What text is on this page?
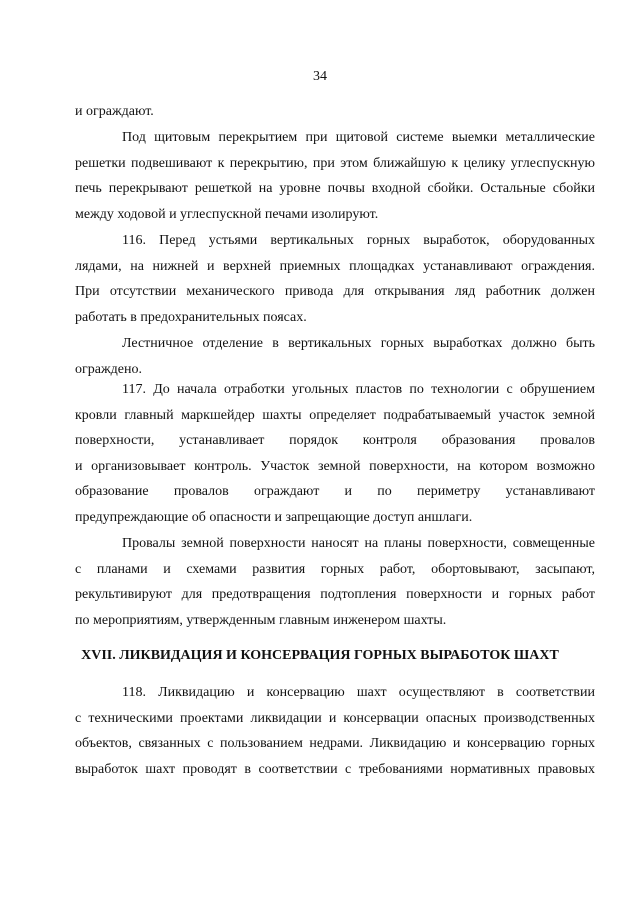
34
и ограждают.
Под щитовым перекрытием при щитовой системе выемки металлические
решетки подвешивают к перекрытию, при этом ближайшую к целику углеспускную
печь перекрывают решеткой на уровне почвы входной сбойки. Остальные сбойки
между ходовой и углеспускной печами изолируют.
116. Перед устьями вертикальных горных выработок, оборудованных
лядами, на нижней и верхней приемных площадках устанавливают ограждения.
При отсутствии механического привода для открывания ляд работник должен
работать в предохранительных поясах.
Лестничное отделение в вертикальных горных выработках должно быть
ограждено.
117. До начала отработки угольных пластов по технологии с обрушением
кровли главный маркшейдер шахты определяет подрабатываемый участок земной
поверхности, устанавливает порядок контроля образования провалов
и организовывает контроль. Участок земной поверхности, на котором возможно
образование провалов ограждают и по периметру устанавливают
предупреждающие об опасности и запрещающие доступ аншлаги.
Провалы земной поверхности наносят на планы поверхности, совмещенные
с планами и схемами развития горных работ, обортовывают, засыпают,
рекультивируют для предотвращения подтопления поверхности и горных работ
по мероприятиям, утвержденным главным инженером шахты.
XVII. ЛИКВИДАЦИЯ И КОНСЕРВАЦИЯ ГОРНЫХ ВЫРАБОТОК ШАХТ
118. Ликвидацию и консервацию шахт осуществляют в соответствии
с техническими проектами ликвидации и консервации опасных производственных
объектов, связанных с пользованием недрами. Ликвидацию и консервацию горных
выработок шахт проводят в соответствии с требованиями нормативных правовых
